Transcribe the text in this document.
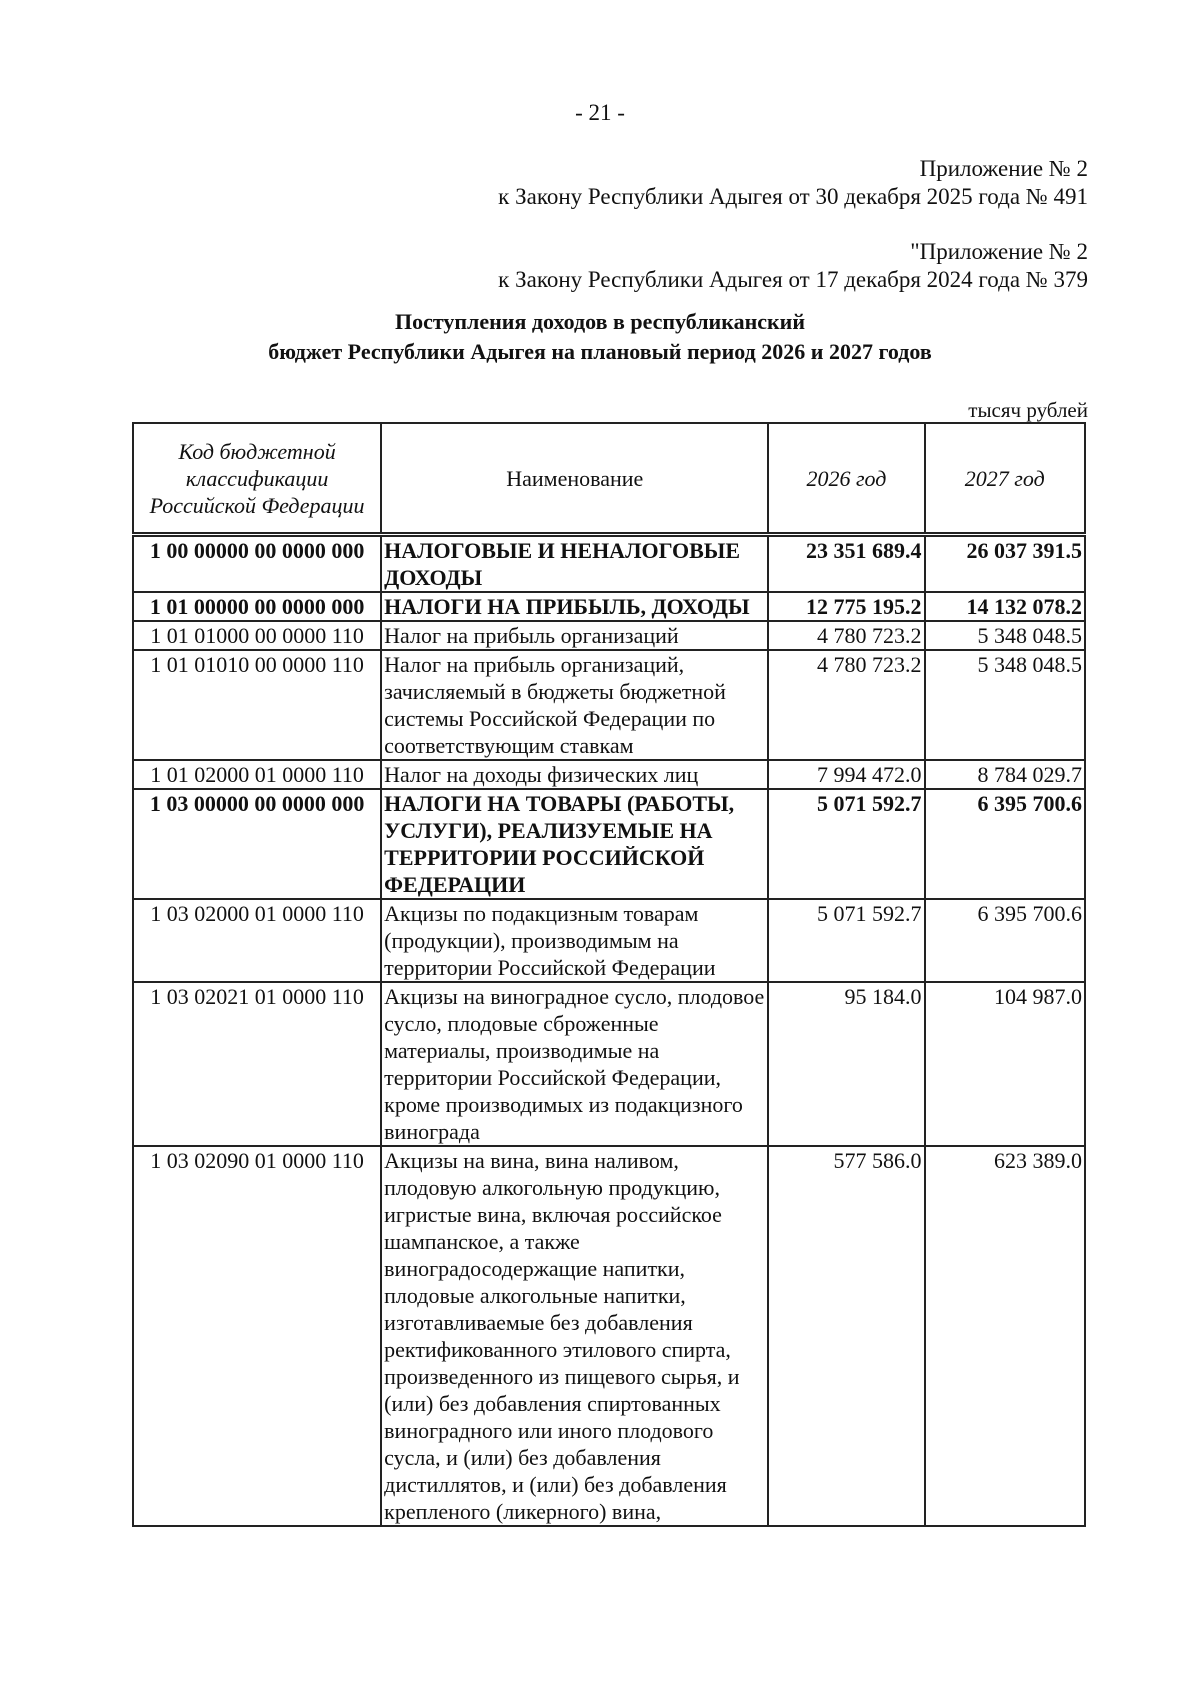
- 21 -
Приложение № 2
к Закону Республики Адыгея от 30 декабря 2025 года № 491
"Приложение № 2
к Закону Республики Адыгея от 17 декабря 2024 года № 379
Поступления доходов в республиканский
бюджет Республики Адыгея на плановый период 2026 и 2027 годов
тысяч рублей
Код бюджетной классификации Российской Федерации	Наименование	2026 год	2027 год
1 00 00000 00 0000 000	НАЛОГОВЫЕ И НЕНАЛОГОВЫЕ ДОХОДЫ	23 351 689.4	26 037 391.5
1 01 00000 00 0000 000	НАЛОГИ НА ПРИБЫЛЬ, ДОХОДЫ	12 775 195.2	14 132 078.2
1 01 01000 00 0000 110	Налог на прибыль организаций	4 780 723.2	5 348 048.5
1 01 01010 00 0000 110	Налог на прибыль организаций, зачисляемый в бюджеты бюджетной системы Российской Федерации по соответствующим ставкам	4 780 723.2	5 348 048.5
1 01 02000 01 0000 110	Налог на доходы физических лиц	7 994 472.0	8 784 029.7
1 03 00000 00 0000 000	НАЛОГИ НА ТОВАРЫ (РАБОТЫ, УСЛУГИ), РЕАЛИЗУЕМЫЕ НА ТЕРРИТОРИИ РОССИЙСКОЙ ФЕДЕРАЦИИ	5 071 592.7	6 395 700.6
1 03 02000 01 0000 110	Акцизы по подакцизным товарам (продукции), производимым на территории Российской Федерации	5 071 592.7	6 395 700.6
1 03 02021 01 0000 110	Акцизы на виноградное сусло, плодовое сусло, плодовые сброженные материалы, производимые на территории Российской Федерации, кроме производимых из подакцизного винограда	95 184.0	104 987.0
1 03 02090 01 0000 110	Акцизы на вина, вина наливом, плодовую алкогольную продукцию, игристые вина, включая российское шампанское, а также виноградосодержащие напитки, плодовые алкогольные напитки, изготавливаемые без добавления ректификованного этилового спирта, произведенного из пищевого сырья, и (или) без добавления спиртованных виноградного или иного плодового сусла, и (или) без добавления дистиллятов, и (или) без добавления крепленого (ликерного) вина,	577 586.0	623 389.0
